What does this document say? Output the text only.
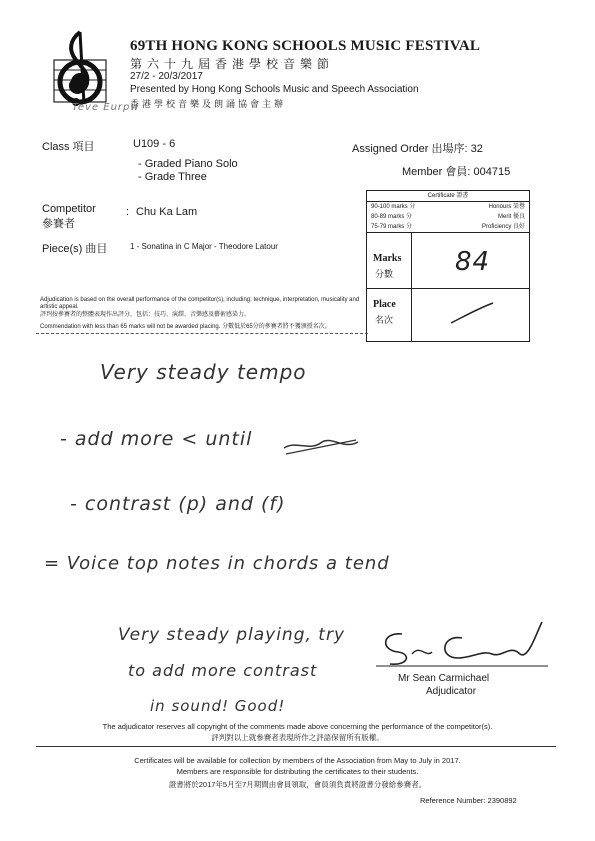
69TH HONG KONG SCHOOLS MUSIC FESTIVAL
第六十九屆香港學校音樂節
27/2 - 20/3/2017
Presented by Hong Kong Schools Music and Speech Association
香港學校音樂及朗誦協會主辦
Teve Eurpw
Class 項目	U109 - 6
- Graded Piano Solo
- Grade Three
Assigned Order 出場序: 32
Member 會員: 004715
Competitor
參賽者
: Chu Ka Lam
Piece(s) 曲目	1 - Sonatina in C Major - Theodore Latour
Certificate 證書
90-100 marks 分	Honours 榮譽
80-89 marks 分	Merit 優良
75-79 marks 分	Proficiency 良好
Marks
分數 84
Place
名次
Adjudication is based on the overall performance of the competitor(s), including: technique, interpretation, musicality and artistic appeal.
評判按參賽者的整體表現作出評分，包括：技巧、演繹、音樂感及藝術感染力。
Commendation with less than 65 marks will not be awarded placing. 分數低於65分的參賽者將不獲頒授名次。
Very steady tempo
- add more < until
- contrast (p) and (f)
= Voice top notes in chords a tend
Very steady playing, try
to add more contrast
in sound! Good!
Mr Sean Carmichael
Adjudicator
The adjudicator reserves all copyright of the comments made above concerning the performance of the competitor(s).
評判對以上就參賽者表現所作之評語保留所有版權。
Certificates will be available for collection by members of the Association from May to July in 2017.
Members are responsible for distributing the certificates to their students.
證書將於2017年5月至7月期間由會員領取，會員須負責將證書分發給參賽者。
Reference Number: 2390892
